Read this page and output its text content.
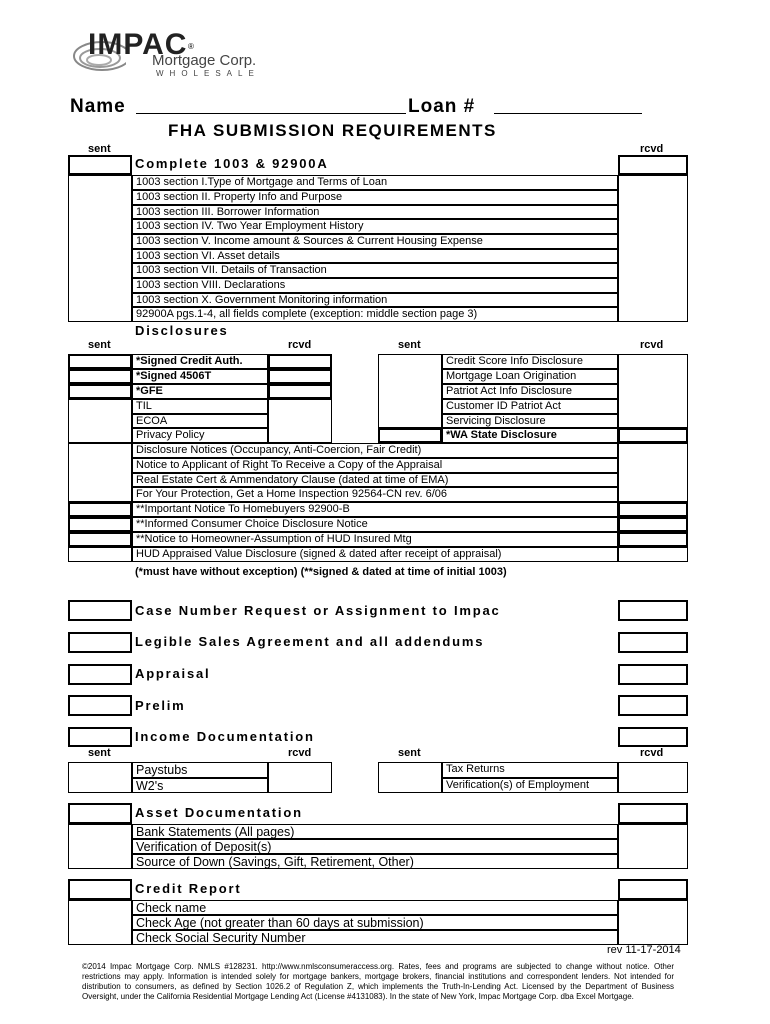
IMPAC ®
Mortgage Corp.
WHOLESALE
Name	Loan #
FHA SUBMISSION REQUIREMENTS
sent	rcvd
Complete 1003 & 92900A
1003 section I.Type of Mortgage and Terms of Loan
1003 section II. Property Info and Purpose
1003 section III. Borrower Information
1003 section IV. Two Year Employment History
1003 section V. Income amount & Sources & Current Housing Expense
1003 section VI. Asset details
1003 section VII. Details of Transaction
1003 section VIII. Declarations
1003 section X. Government Monitoring information
92900A pgs.1-4, all fields complete (exception: middle section page 3)
Disclosures
sent	rcvd	sent	rcvd
*Signed Credit Auth.
*Signed 4506T
*GFE
TIL
ECOA
Privacy Policy
Credit Score Info Disclosure
Mortgage Loan Origination
Patriot Act Info Disclosure
Customer ID Patriot Act
Servicing Disclosure
*WA State Disclosure
Disclosure Notices (Occupancy, Anti-Coercion, Fair Credit)
Notice to Applicant of Right To Receive a Copy of the Appraisal
Real Estate Cert & Ammendatory Clause (dated at time of EMA)
For Your Protection, Get a Home Inspection 92564-CN rev. 6/06
**Important Notice To Homebuyers 92900-B
**Informed Consumer Choice Disclosure Notice
**Notice to Homeowner-Assumption of HUD Insured Mtg
HUD Appraised Value Disclosure (signed & dated after receipt of appraisal)
(*must have without exception) (**signed & dated at time of initial 1003)
Case Number Request or Assignment to Impac
Legible Sales Agreement and all addendums
Appraisal
Prelim
Income Documentation
sent	rcvd	sent	rcvd
Paystubs
W2's
Tax Returns
Verification(s) of Employment
Asset Documentation
Bank Statements (All pages)
Verification of Deposit(s)
Source of Down (Savings, Gift, Retirement, Other)
Credit Report
Check name
Check Age (not greater than 60 days at submission)
Check Social Security Number
rev 11-17-2014
©2014 Impac Mortgage Corp. NMLS #128231. http://www.nmlsconsumeraccess.org. Rates, fees and programs are subjected to change without notice. Other restrictions may apply. Information is intended solely for mortgage bankers, mortgage brokers, financial institutions and correspondent lenders. Not intended for distribution to consumers, as defined by Section 1026.2 of Regulation Z, which implements the Truth-In-Lending Act. Licensed by the Department of Business Oversight, under the California Residential Mortgage Lending Act (License #4131083). In the state of New York, Impac Mortgage Corp. dba Excel Mortgage.
